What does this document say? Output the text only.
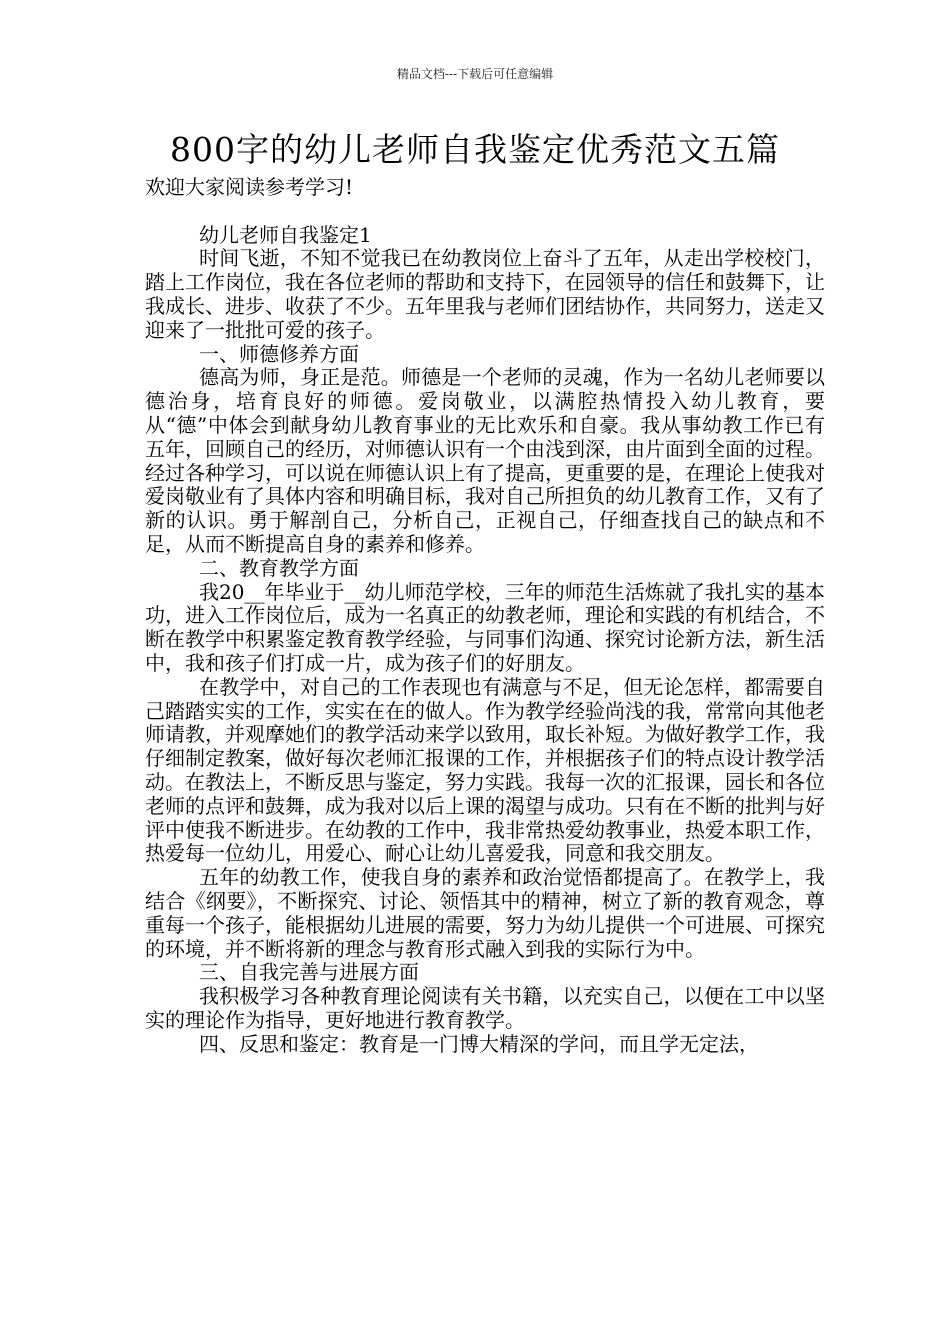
精品文档---下载后可任意编辑
800字的幼儿老师自我鉴定优秀范文五篇

欢迎大家阅读参考学习!

幼儿老师自我鉴定1

时间飞逝，不知不觉我已在幼教岗位上奋斗了五年，从走出学校校门，踏上工作岗位，我在各位老师的帮助和支持下，在园领导的信任和鼓舞下，让我成长、进步、收获了不少。五年里我与老师们团结协作，共同努力，送走又迎来了一批批可爱的孩子。

一、师德修养方面

德高为师，身正是范。师德是一个老师的灵魂，作为一名幼儿老师要以德治身，培育良好的师德。爱岗敬业，以满腔热情投入幼儿教育，要从“德”中体会到献身幼儿教育事业的无比欢乐和自豪。我从事幼教工作已有五年，回顾自己的经历，对师德认识有一个由浅到深，由片面到全面的过程。经过各种学习，可以说在师德认识上有了提高，更重要的是，在理论上使我对爱岗敬业有了具体内容和明确目标，我对自己所担负的幼儿教育工作，又有了新的认识。勇于解剖自己，分析自己，正视自己，仔细查找自己的缺点和不足，从而不断提高自身的素养和修养。

二、教育教学方面

我20__年毕业于__幼儿师范学校，三年的师范生活炼就了我扎实的基本功，进入工作岗位后，成为一名真正的幼教老师，理论和实践的有机结合，不断在教学中积累鉴定教育教学经验，与同事们沟通、探究讨论新方法，新生活中，我和孩子们打成一片，成为孩子们的好朋友。

在教学中，对自己的工作表现也有满意与不足，但无论怎样，都需要自己踏踏实实的工作，实实在在的做人。作为教学经验尚浅的我，常常向其他老师请教，并观摩她们的教学活动来学以致用，取长补短。为做好教学工作，我仔细制定教案，做好每次老师汇报课的工作，并根据孩子们的特点设计教学活动。在教法上，不断反思与鉴定，努力实践。我每一次的汇报课，园长和各位老师的点评和鼓舞，成为我对以后上课的渴望与成功。只有在不断的批判与好评中使我不断进步。在幼教的工作中，我非常热爱幼教事业，热爱本职工作，热爱每一位幼儿，用爱心、耐心让幼儿喜爱我，同意和我交朋友。

五年的幼教工作，使我自身的素养和政治觉悟都提高了。在教学上，我结合《纲要》，不断探究、讨论、领悟其中的精神，树立了新的教育观念，尊重每一个孩子，能根据幼儿进展的需要，努力为幼儿提供一个可进展、可探究的环境，并不断将新的理念与教育形式融入到我的实际行为中。

三、自我完善与进展方面

我积极学习各种教育理论阅读有关书籍，以充实自己，以便在工中以坚实的理论作为指导，更好地进行教育教学。

四、反思和鉴定：教育是一门博大精深的学问，而且学无定法，
